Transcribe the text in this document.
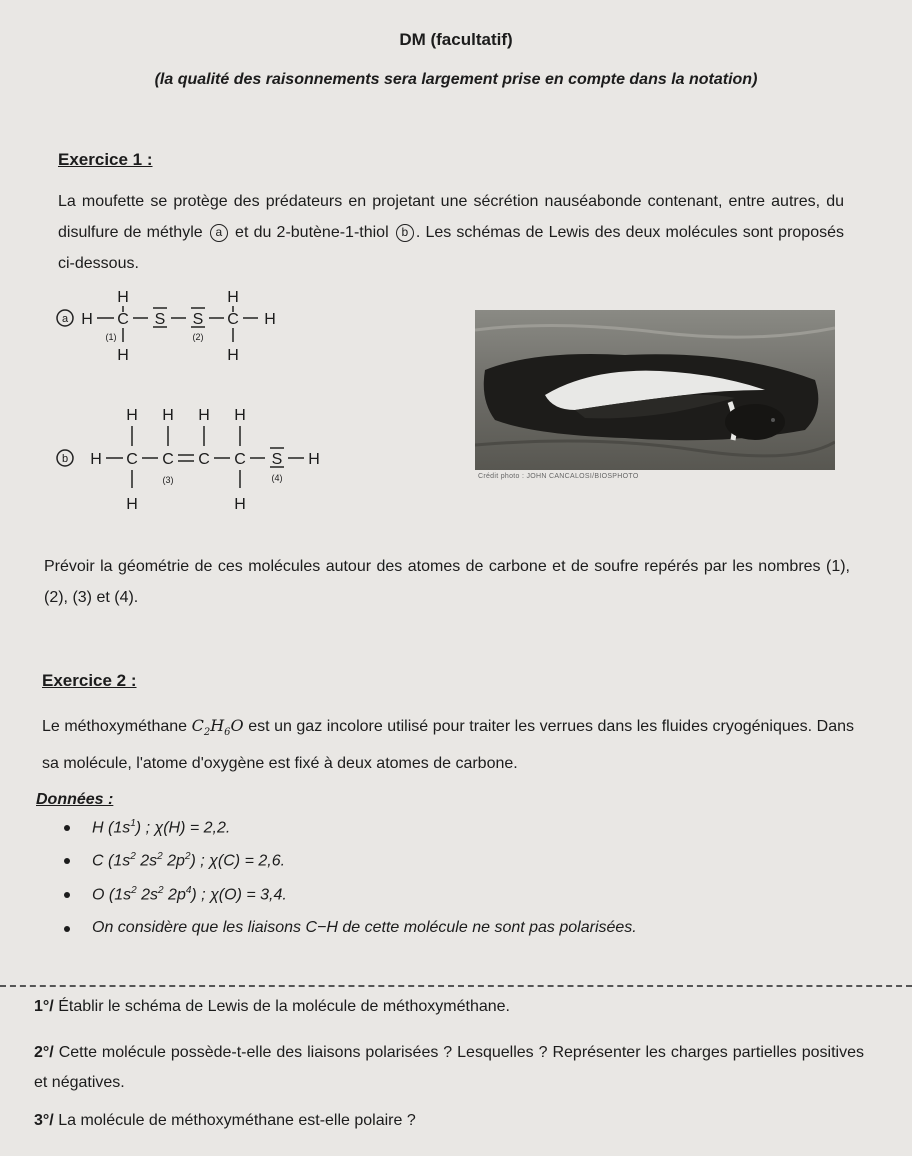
DM (facultatif)
(la qualité des raisonnements sera largement prise en compte dans la notation)
Exercice 1 :
La moufette se protège des prédateurs en projetant une sécrétion nauséabonde contenant, entre autres, du disulfure de méthyle a et du 2-butène-1-thiol b . Les schémas de Lewis des deux molécules sont proposés ci-dessous.
a H C
H
H
(1)
S S
(2)
C
H
H
H
b H C
H
H
C
H
(3)
C
H
C
H
H
S
(4)
H
Crédit photo : JOHN CANCALOSI/BIOSPHOTO
Prévoir la géométrie de ces molécules autour des atomes de carbone et de soufre repérés par les nombres (1), (2), (3) et (4).
Exercice 2 :
Le méthoxyméthane $C_2H_6O$ est un gaz incolore utilisé pour traiter les verrues dans les fluides cryogéniques. Dans sa molécule, l'atome d'oxygène est fixé à deux atomes de carbone.
Données :
H $(1s^1)$ ; χ(H) = 2,2.
C ($1s^2$ $2s^2$ $2p^2$) ; χ(C) = 2,6.
O ($1s^2$ $2s^2$ $2p^4$) ; χ(O) = 3,4.
On considère que les liaisons C−H de cette molécule ne sont pas polarisées.
1°/ Établir le schéma de Lewis de la molécule de méthoxyméthane.
2°/ Cette molécule possède-t-elle des liaisons polarisées ? Lesquelles ? Représenter les charges partielles positives et négatives.
3°/ La molécule de méthoxyméthane est-elle polaire ?
